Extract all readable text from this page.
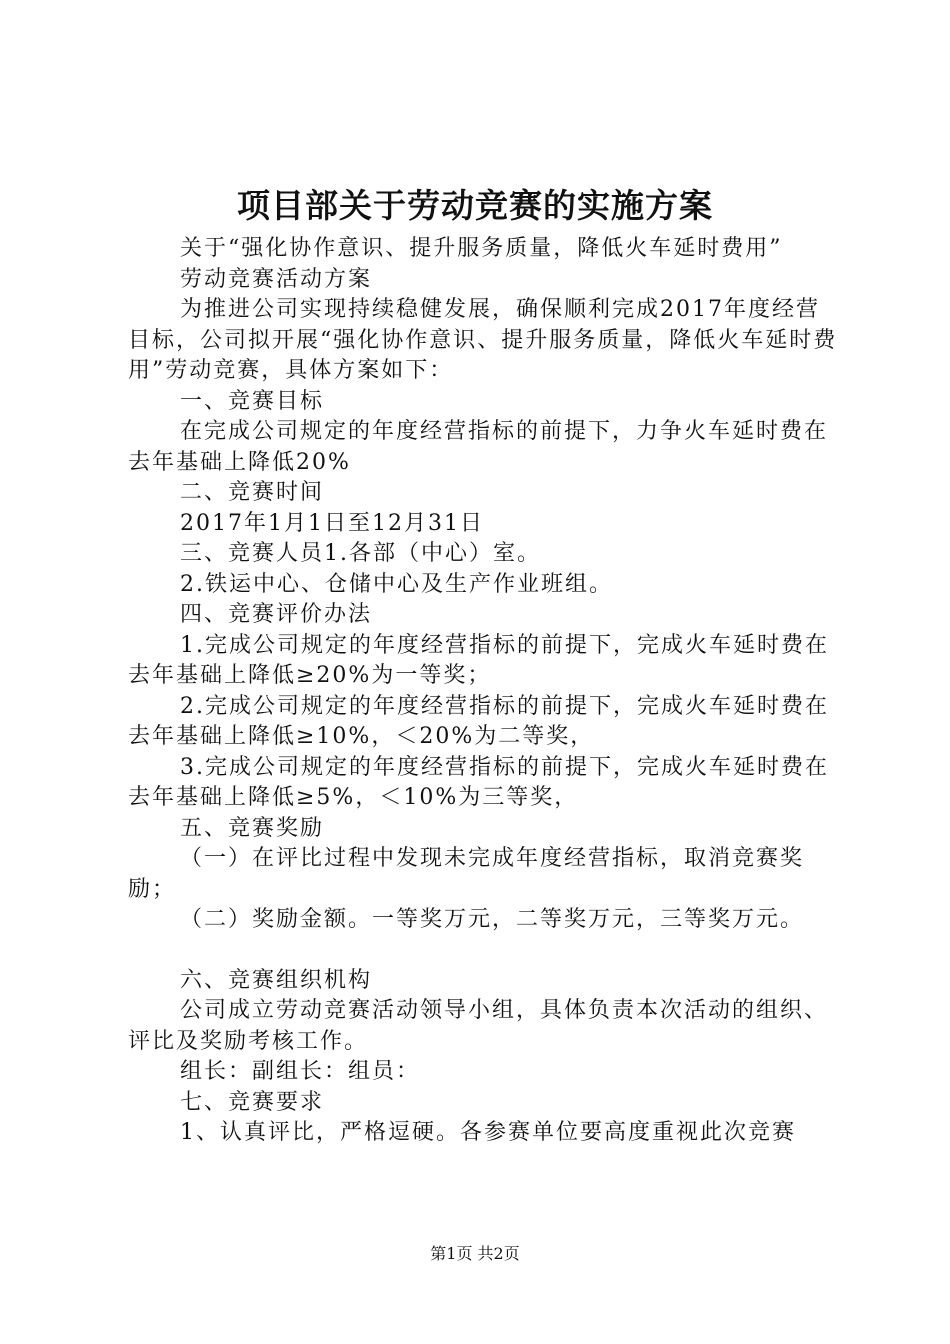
项目部关于劳动竞赛的实施方案

关于“强化协作意识、提升服务质量，降低火车延时费用”

劳动竞赛活动方案

为推进公司实现持续稳健发展，确保顺利完成2017年度经营目标，公司拟开展“强化协作意识、提升服务质量，降低火车延时费用”劳动竞赛，具体方案如下：

一、竞赛目标

在完成公司规定的年度经营指标的前提下，力争火车延时费在去年基础上降低20%

二、竞赛时间

2017年1月1日至12月31日

三、竞赛人员1.各部（中心）室。

2.铁运中心、仓储中心及生产作业班组。

四、竞赛评价办法

1.完成公司规定的年度经营指标的前提下，完成火车延时费在去年基础上降低≥20%为一等奖；

2.完成公司规定的年度经营指标的前提下，完成火车延时费在去年基础上降低≥10%，＜20%为二等奖，

3.完成公司规定的年度经营指标的前提下，完成火车延时费在去年基础上降低≥5%，＜10%为三等奖，

五、竞赛奖励

（一）在评比过程中发现未完成年度经营指标，取消竞赛奖励；

（二）奖励金额。一等奖万元，二等奖万元，三等奖万元。

六、竞赛组织机构

公司成立劳动竞赛活动领导小组，具体负责本次活动的组织、评比及奖励考核工作。

组长：副组长：组员：

七、竞赛要求

1、认真评比，严格逗硬。各参赛单位要高度重视此次竞赛

第1页 共2页
